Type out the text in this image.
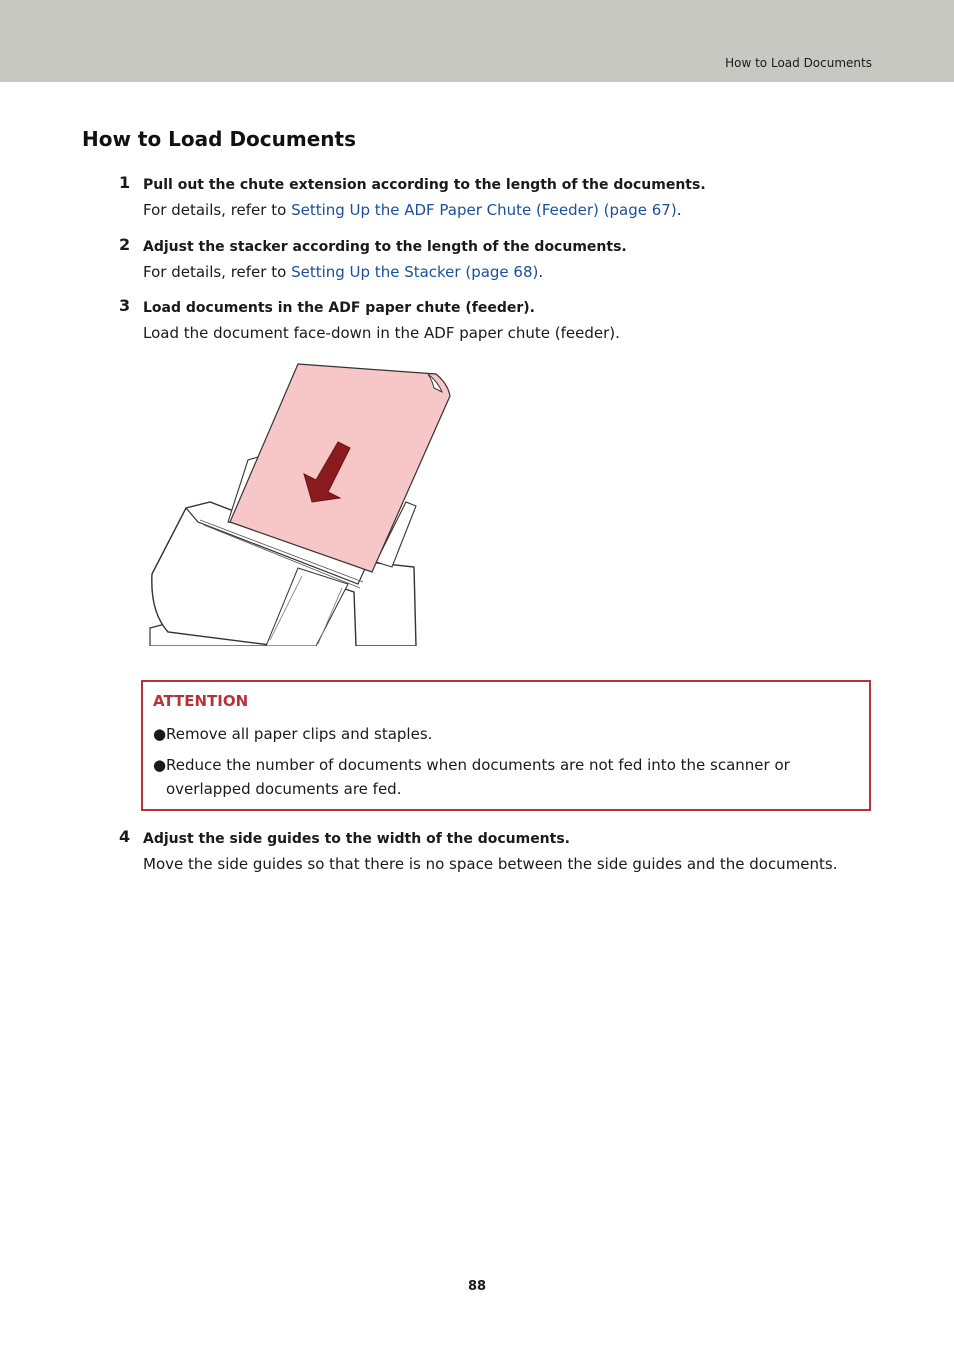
How to Load Documents
How to Load Documents
1 Pull out the chute extension according to the length of the documents.
For details, refer to Setting Up the ADF Paper Chute (Feeder) (page 67).
2 Adjust the stacker according to the length of the documents.
For details, refer to Setting Up the Stacker (page 68).
3 Load documents in the ADF paper chute (feeder).
Load the document face-down in the ADF paper chute (feeder).
ATTENTION
● Remove all paper clips and staples.
● Reduce the number of documents when documents are not fed into the scanner or overlapped documents are fed.
4 Adjust the side guides to the width of the documents.
Move the side guides so that there is no space between the side guides and the documents.
88
